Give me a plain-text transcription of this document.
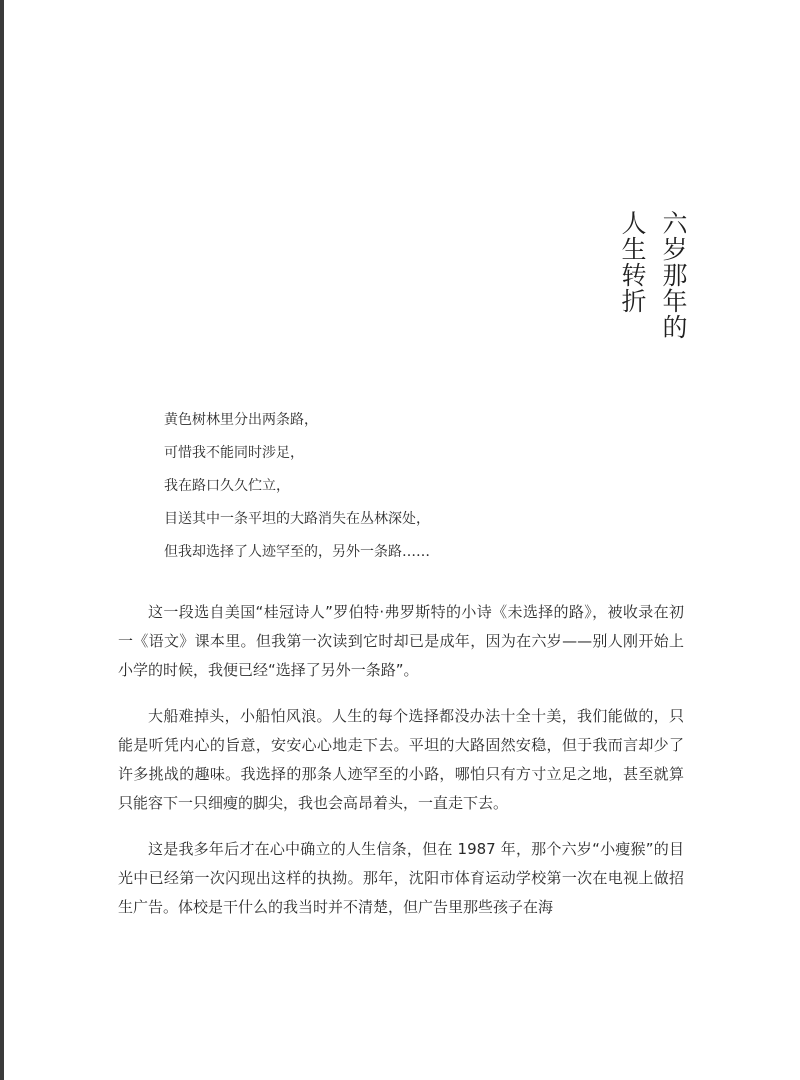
六岁那年的
人生转折
黄色树林里分出两条路，
可惜我不能同时涉足，
我在路口久久伫立，
目送其中一条平坦的大路消失在丛林深处，
但我却选择了人迹罕至的，另外一条路……

这一段选自美国“桂冠诗人”罗伯特·弗罗斯特的小诗《未选择的路》，被收录在初一《语文》课本里。但我第一次读到它时却已是成年，因为在六岁——别人刚开始上小学的时候，我便已经“选择了另外一条路”。

大船难掉头，小船怕风浪。人生的每个选择都没办法十全十美，我们能做的，只能是听凭内心的旨意，安安心心地走下去。平坦的大路固然安稳，但于我而言却少了许多挑战的趣味。我选择的那条人迹罕至的小路，哪怕只有方寸立足之地，甚至就算只能容下一只细瘦的脚尖，我也会高昂着头，一直走下去。

这是我多年后才在心中确立的人生信条，但在 1987 年，那个六岁“小瘦猴”的目光中已经第一次闪现出这样的执拗。那年，沈阳市体育运动学校第一次在电视上做招生广告。体校是干什么的我当时并不清楚，但广告里那些孩子在海
